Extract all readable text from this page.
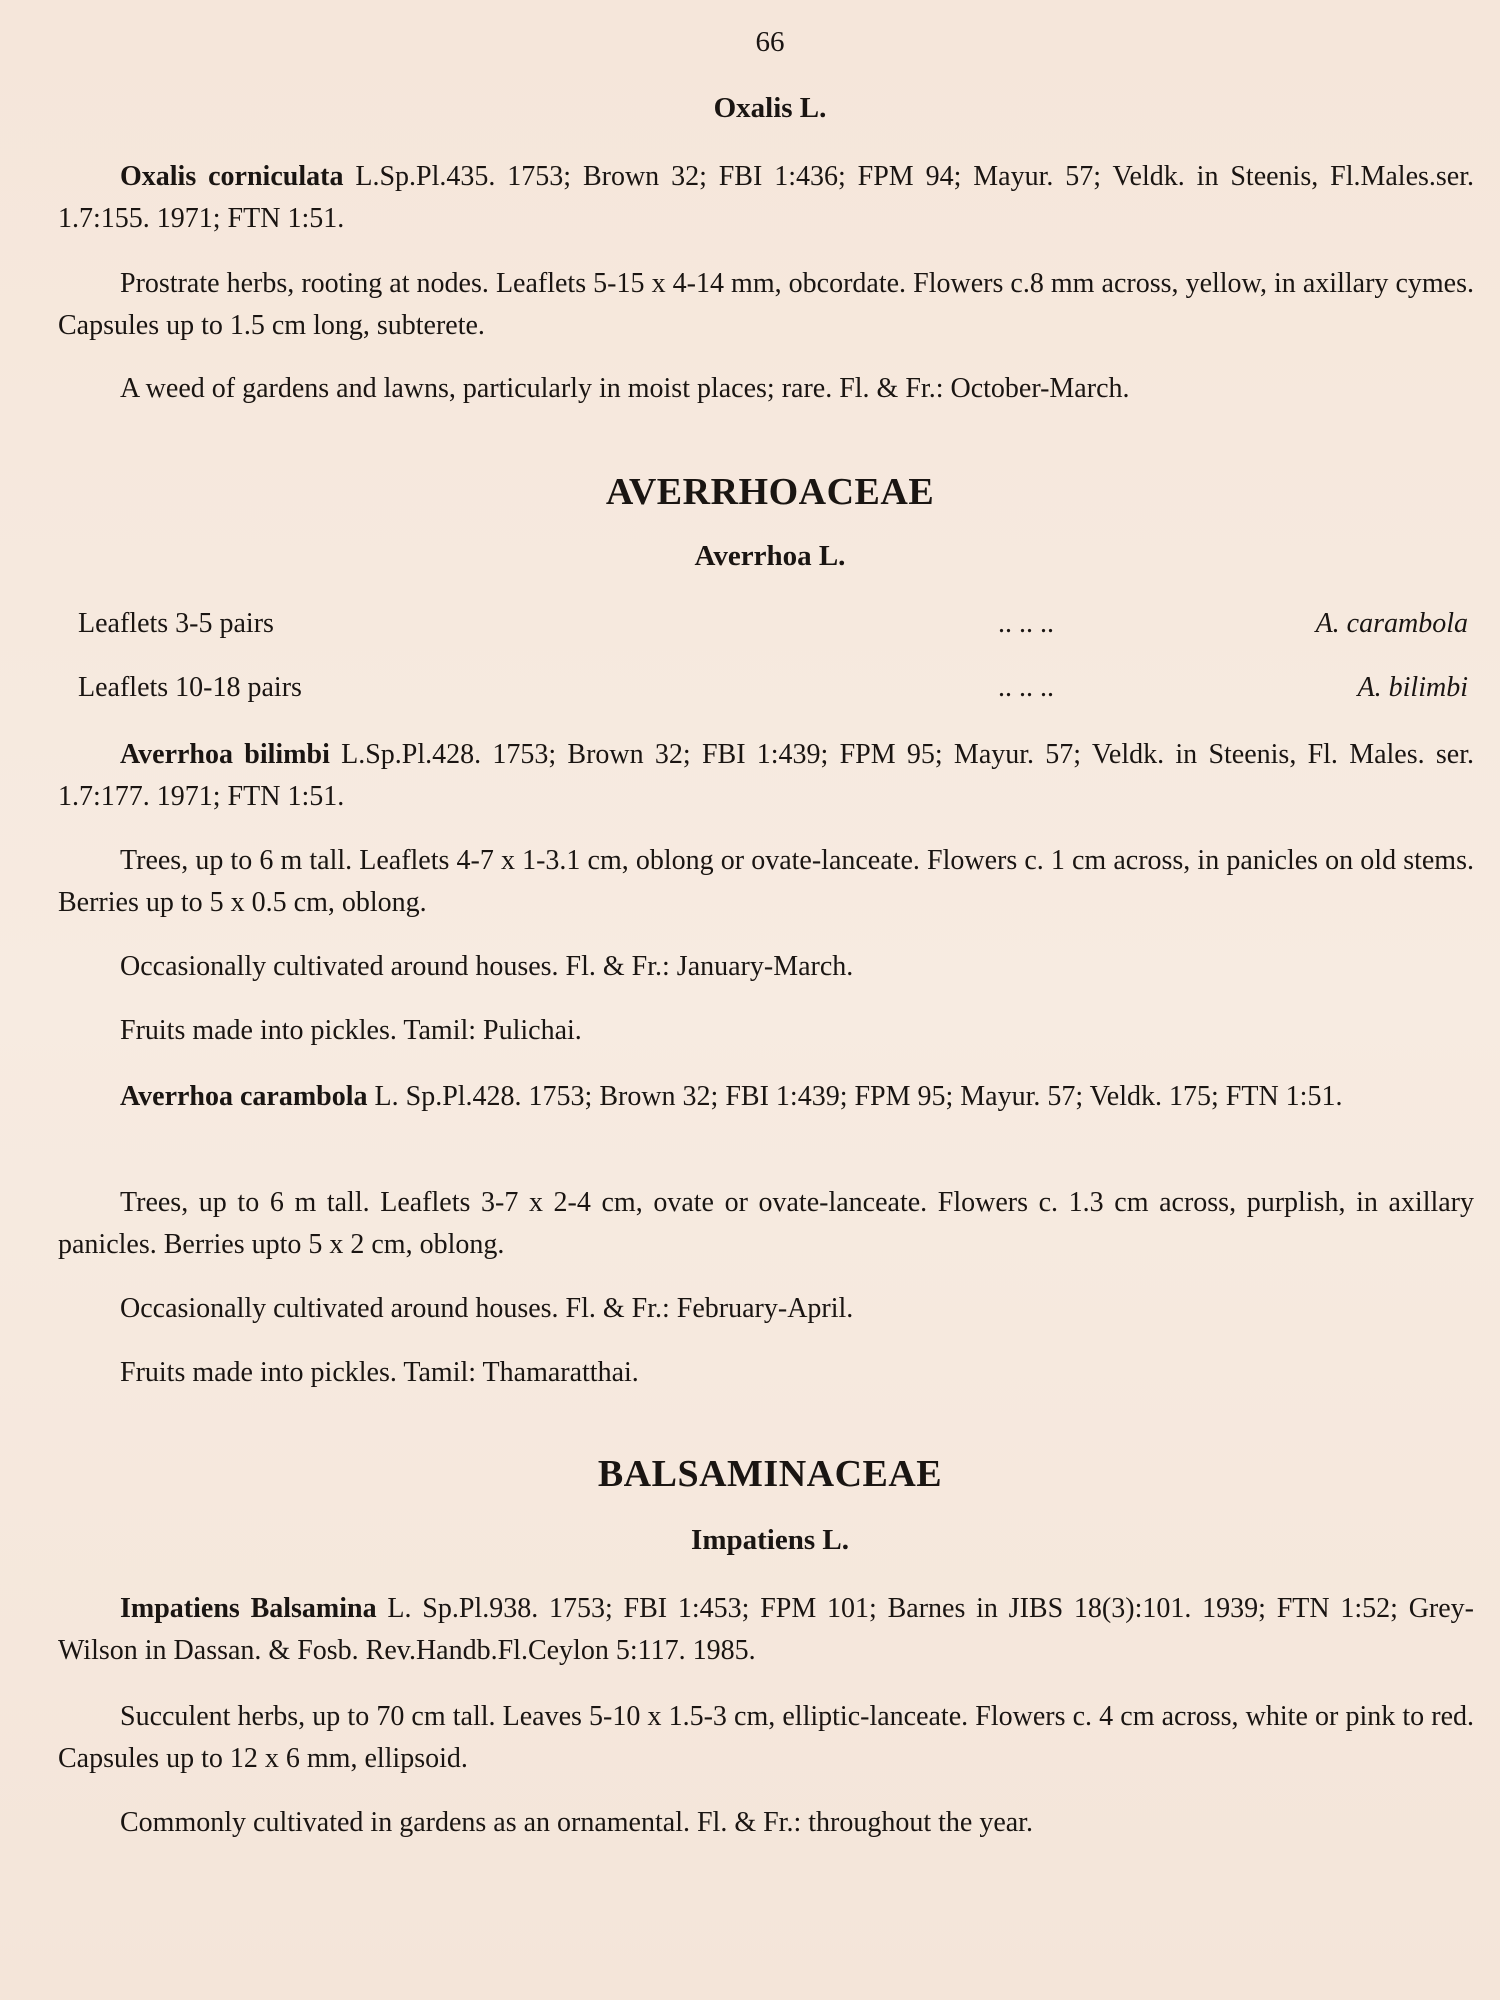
66
Oxalis L.
Oxalis corniculata L.Sp.Pl.435. 1753; Brown 32; FBI 1:436; FPM 94; Mayur. 57; Veldk. in Steenis, Fl.Males.ser. 1.7:155. 1971; FTN 1:51.
Prostrate herbs, rooting at nodes. Leaflets 5-15 x 4-14 mm, obcordate. Flowers c.8 mm across, yellow, in axillary cymes. Capsules up to 1.5 cm long, subterete.
A weed of gardens and lawns, particularly in moist places; rare. Fl. & Fr.: October-March.
AVERRHOACEAE
Averrhoa L.
Leaflets 3-5 pairs	.. .. ..	A. carambola
Leaflets 10-18 pairs	.. .. ..	A. bilimbi
Averrhoa bilimbi L.Sp.Pl.428. 1753; Brown 32; FBI 1:439; FPM 95; Mayur. 57; Veldk. in Steenis, Fl. Males. ser. 1.7:177. 1971; FTN 1:51.
Trees, up to 6 m tall. Leaflets 4-7 x 1-3.1 cm, oblong or ovate-lanceate. Flowers c. 1 cm across, in panicles on old stems. Berries up to 5 x 0.5 cm, oblong.
Occasionally cultivated around houses. Fl. & Fr.: January-March.
Fruits made into pickles. Tamil: Pulichai.
Averrhoa carambola L. Sp.Pl.428. 1753; Brown 32; FBI 1:439; FPM 95; Mayur. 57; Veldk. 175; FTN 1:51.
Trees, up to 6 m tall. Leaflets 3-7 x 2-4 cm, ovate or ovate-lanceate. Flowers c. 1.3 cm across, purplish, in axillary panicles. Berries upto 5 x 2 cm, oblong.
Occasionally cultivated around houses. Fl. & Fr.: February-April.
Fruits made into pickles. Tamil: Thamaratthai.
BALSAMINACEAE
Impatiens L.
Impatiens Balsamina L. Sp.Pl.938. 1753; FBI 1:453; FPM 101; Barnes in JIBS 18(3):101. 1939; FTN 1:52; Grey-Wilson in Dassan. & Fosb. Rev.Handb.Fl.Ceylon 5:117. 1985.
Succulent herbs, up to 70 cm tall. Leaves 5-10 x 1.5-3 cm, elliptic-lanceate. Flowers c. 4 cm across, white or pink to red. Capsules up to 12 x 6 mm, ellipsoid.
Commonly cultivated in gardens as an ornamental. Fl. & Fr.: throughout the year.
